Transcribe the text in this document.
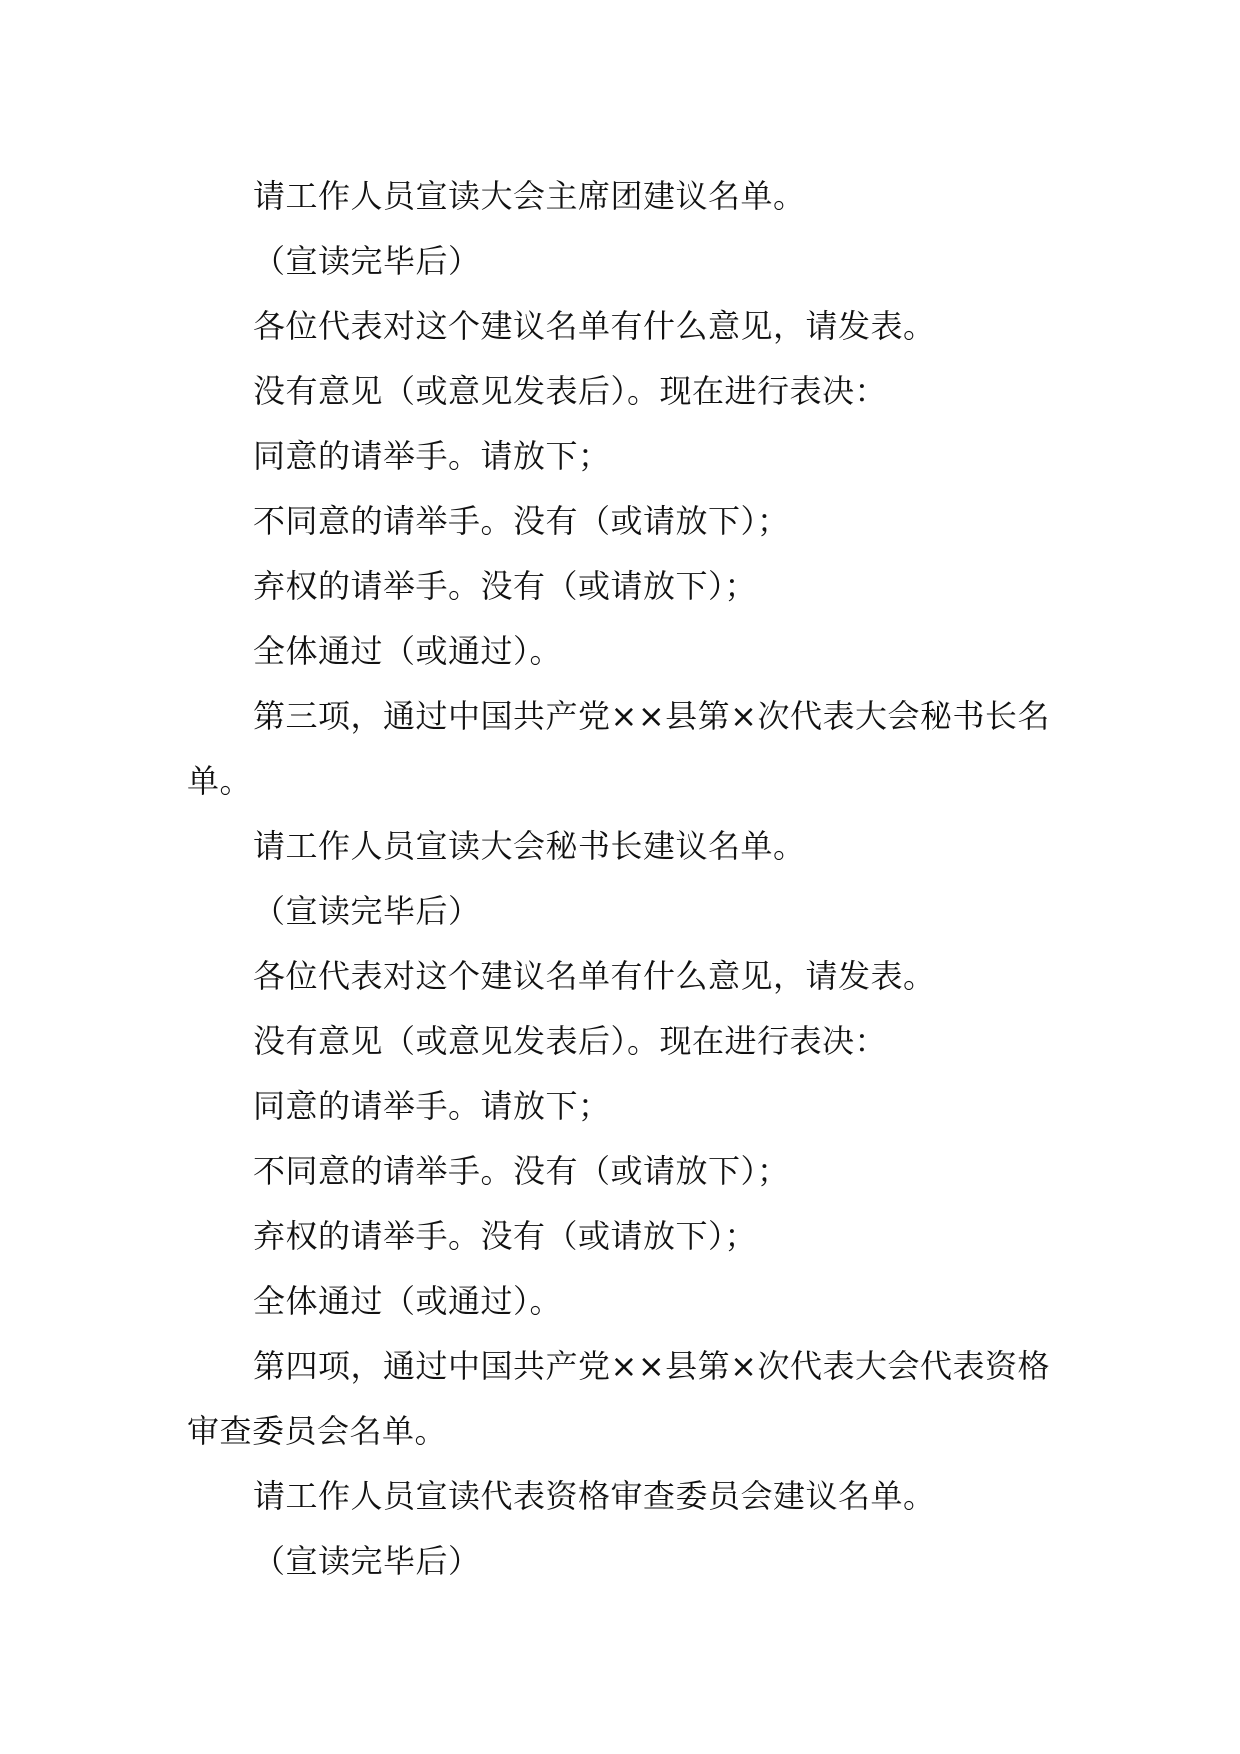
请工作人员宣读大会主席团建议名单。

（宣读完毕后）

各位代表对这个建议名单有什么意见，请发表。

没有意见（或意见发表后）。现在进行表决：

同意的请举手。请放下；

不同意的请举手。没有（或请放下）；

弃权的请举手。没有（或请放下）；

全体通过（或通过）。

第三项，通过中国共产党××县第×次代表大会秘书长名单。

请工作人员宣读大会秘书长建议名单。

（宣读完毕后）

各位代表对这个建议名单有什么意见，请发表。

没有意见（或意见发表后）。现在进行表决：

同意的请举手。请放下；

不同意的请举手。没有（或请放下）；

弃权的请举手。没有（或请放下）；

全体通过（或通过）。

第四项，通过中国共产党××县第×次代表大会代表资格审查委员会名单。

请工作人员宣读代表资格审查委员会建议名单。

（宣读完毕后）
